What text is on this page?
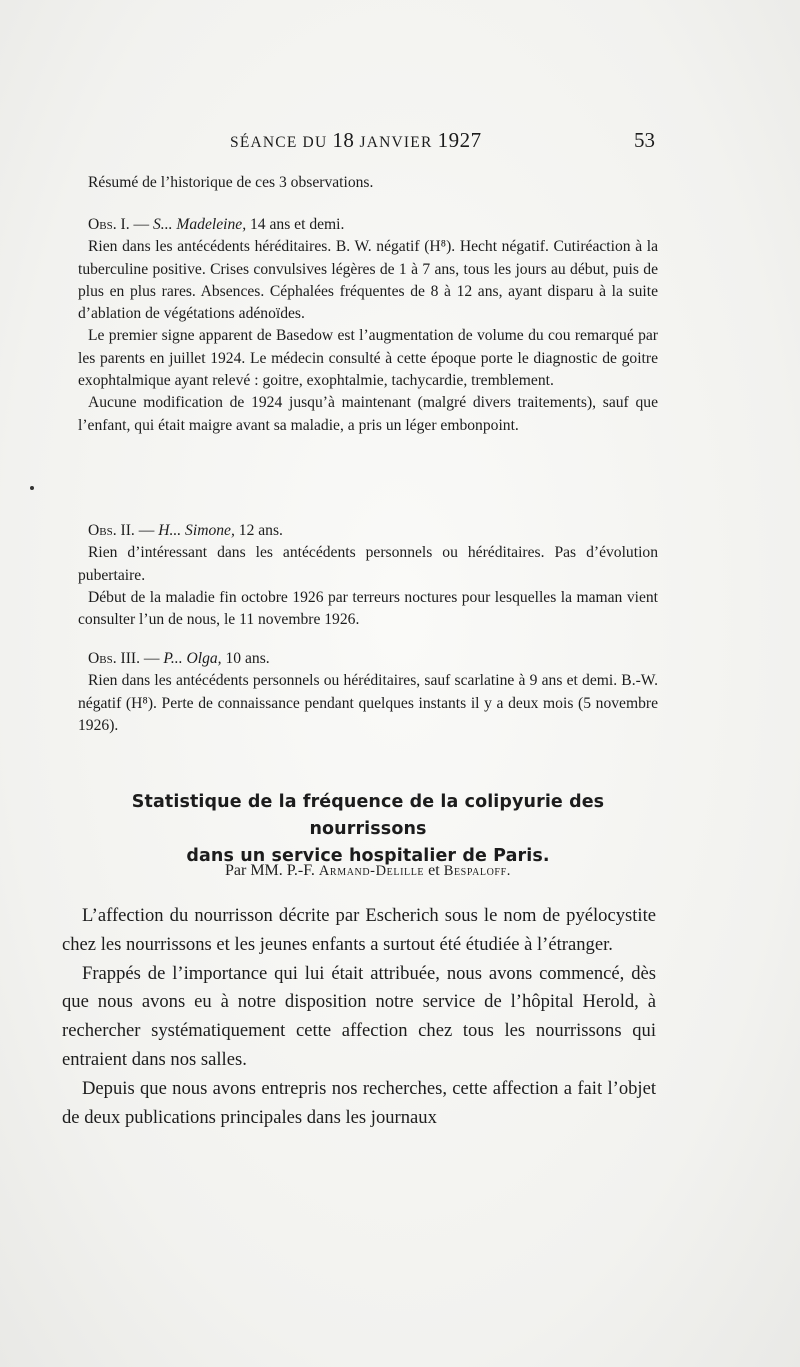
SÉANCE DU 18 JANVIER 1927	53

Résumé de l’historique de ces 3 observations.

Obs. I. — S... Madeleine, 14 ans et demi.

Rien dans les antécédents héréditaires. B. W. négatif (H⁸). Hecht négatif. Cutiréaction à la tuberculine positive. Crises convulsives légères de 1 à 7 ans, tous les jours au début, puis de plus en plus rares. Absences. Céphalées fréquentes de 8 à 12 ans, ayant disparu à la suite d’ablation de végétations adénoïdes.

Le premier signe apparent de Basedow est l’augmentation de volume du cou remarqué par les parents en juillet 1924. Le médecin consulté à cette époque porte le diagnostic de goitre exophtalmique ayant relevé : goitre, exophtalmie, tachycardie, tremblement.

Aucune modification de 1924 jusqu’à maintenant (malgré divers traitements), sauf que l’enfant, qui était maigre avant sa maladie, a pris un léger embonpoint.

Obs. II. — H... Simone, 12 ans.

Rien d’intéressant dans les antécédents personnels ou héréditaires. Pas d’évolution pubertaire.

Début de la maladie fin octobre 1926 par terreurs noctures pour lesquelles la maman vient consulter l’un de nous, le 11 novembre 1926.

Obs. III. — P... Olga, 10 ans.

Rien dans les antécédents personnels ou héréditaires, sauf scarlatine à 9 ans et demi. B.-W. négatif (H⁸). Perte de connaissance pendant quelques instants il y a deux mois (5 novembre 1926).

Statistique de la fréquence de la colipyurie des nourrissons
dans un service hospitalier de Paris.
Par MM. P.-F. Armand-Delille et Bespaloff.

L’affection du nourrisson décrite par Escherich sous le nom de pyélocystite chez les nourrissons et les jeunes enfants a surtout été étudiée à l’étranger.

Frappés de l’importance qui lui était attribuée, nous avons commencé, dès que nous avons eu à notre disposition notre service de l’hôpital Herold, à rechercher systématiquement cette affection chez tous les nourrissons qui entraient dans nos salles.

Depuis que nous avons entrepris nos recherches, cette affection a fait l’objet de deux publications principales dans les journaux
